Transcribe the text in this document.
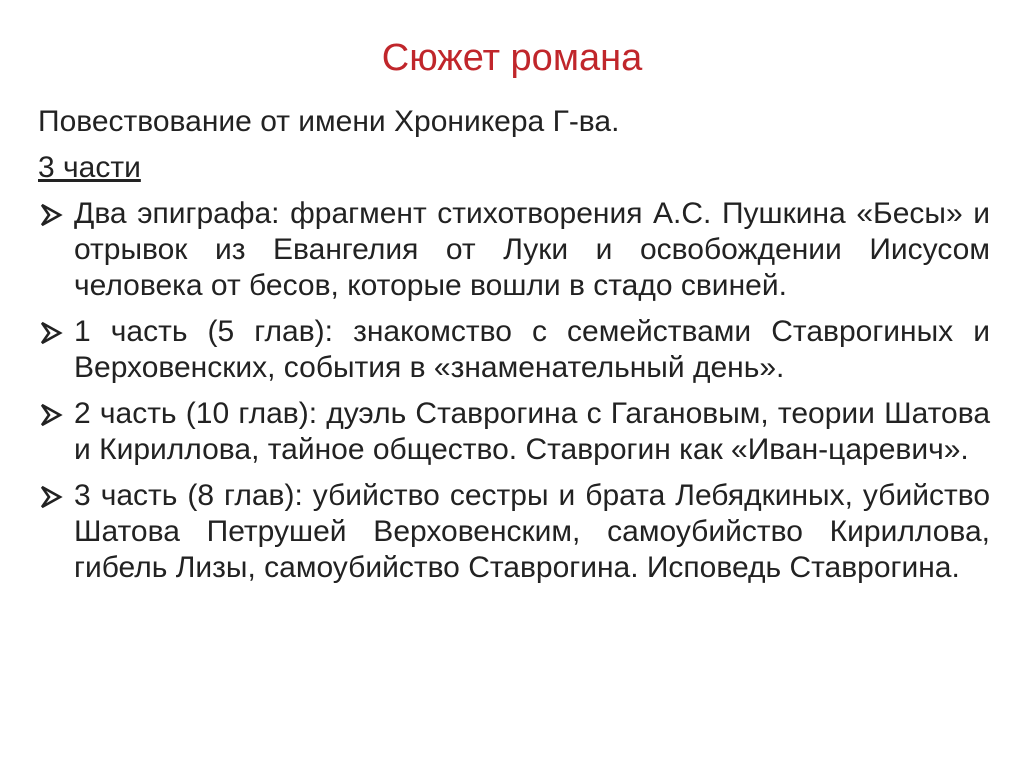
Сюжет романа
Повествование от имени Хроникера Г-ва.
3 части
Два эпиграфа: фрагмент стихотворения А.С. Пушкина «Бесы» и отрывок из Евангелия от Луки и освобождении Иисусом человека от бесов, которые вошли в стадо свиней.
1 часть (5 глав): знакомство с семействами Ставрогиных и Верховенских, события в «знаменательный день».
2 часть (10 глав): дуэль Ставрогина с Гагановым, теории Шатова и Кириллова, тайное общество. Ставрогин как «Иван-царевич».
3 часть (8 глав): убийство сестры и брата Лебядкиных, убийство Шатова Петрушей Верховенским, самоубийство Кириллова, гибель Лизы, самоубийство Ставрогина. Исповедь Ставрогина.
